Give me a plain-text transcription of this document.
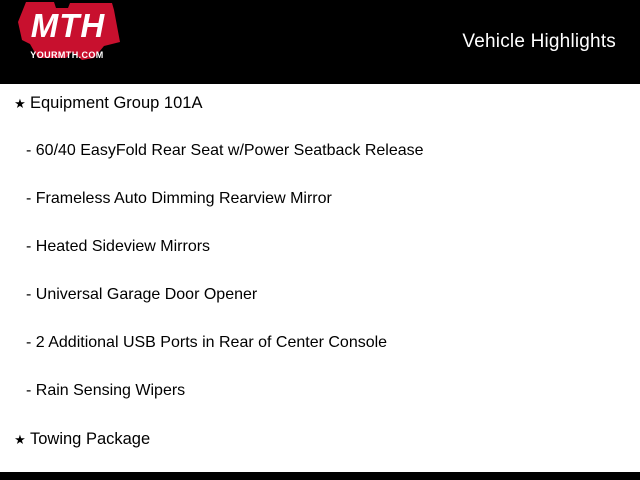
MTH
YOURMTH.COM
Vehicle Highlights
★ Equipment Group 101A
- 60/40 EasyFold Rear Seat w/Power Seatback Release
- Frameless Auto Dimming Rearview Mirror
- Heated Sideview Mirrors
- Universal Garage Door Opener
- 2 Additional USB Ports in Rear of Center Console
- Rain Sensing Wipers
★ Towing Package
